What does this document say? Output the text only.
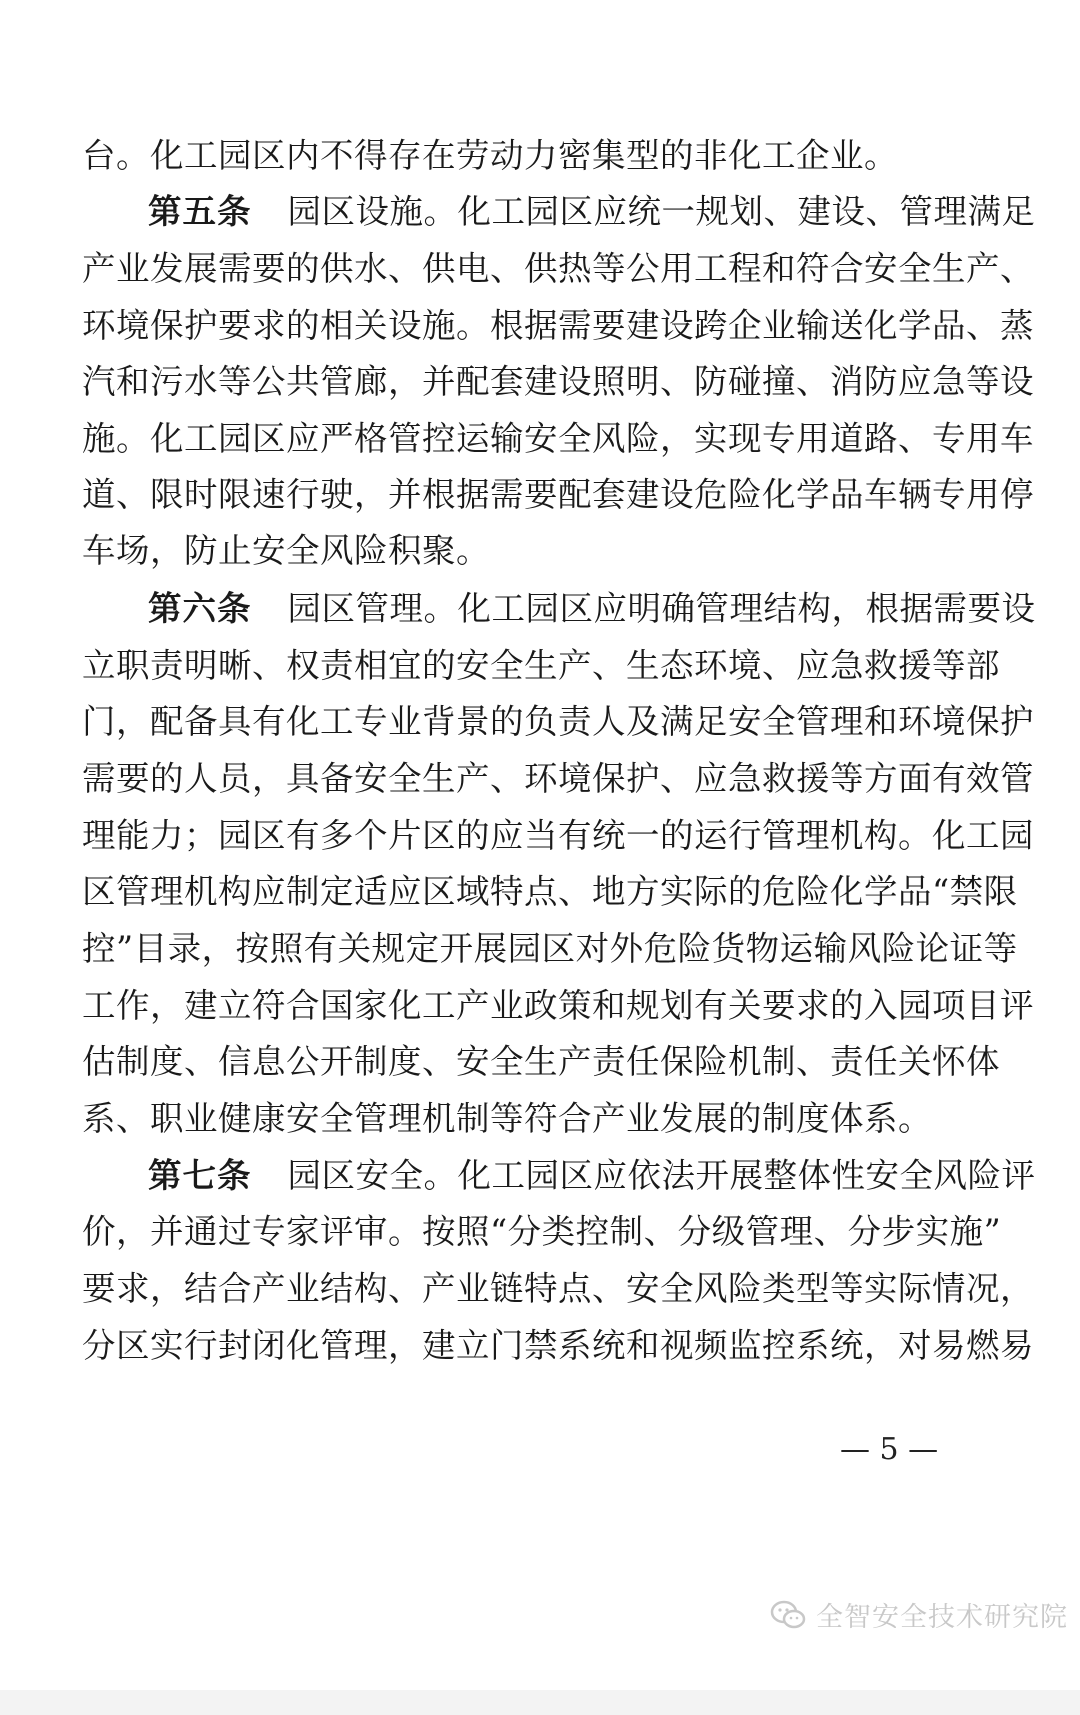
台。化工园区内不得存在劳动力密集型的非化工企业。
第五条 园区设施。化工园区应统一规划、建设、管理满足
产业发展需要的供水、供电、供热等公用工程和符合安全生产、
环境保护要求的相关设施。根据需要建设跨企业输送化学品、蒸
汽和污水等公共管廊，并配套建设照明、防碰撞、消防应急等设
施。化工园区应严格管控运输安全风险，实现专用道路、专用车
道、限时限速行驶，并根据需要配套建设危险化学品车辆专用停
车场，防止安全风险积聚。
第六条 园区管理。化工园区应明确管理结构，根据需要设
立职责明晰、权责相宜的安全生产、生态环境、应急救援等部
门，配备具有化工专业背景的负责人及满足安全管理和环境保护
需要的人员，具备安全生产、环境保护、应急救援等方面有效管
理能力；园区有多个片区的应当有统一的运行管理机构。化工园
区管理机构应制定适应区域特点、地方实际的危险化学品“禁限
控”目录，按照有关规定开展园区对外危险货物运输风险论证等
工作，建立符合国家化工产业政策和规划有关要求的入园项目评
估制度、信息公开制度、安全生产责任保险机制、责任关怀体
系、职业健康安全管理机制等符合产业发展的制度体系。
第七条 园区安全。化工园区应依法开展整体性安全风险评
价，并通过专家评审。按照“分类控制、分级管理、分步实施”
要求，结合产业结构、产业链特点、安全风险类型等实际情况，
分区实行封闭化管理，建立门禁系统和视频监控系统，对易燃易
— 5 —
全智安全技术研究院
